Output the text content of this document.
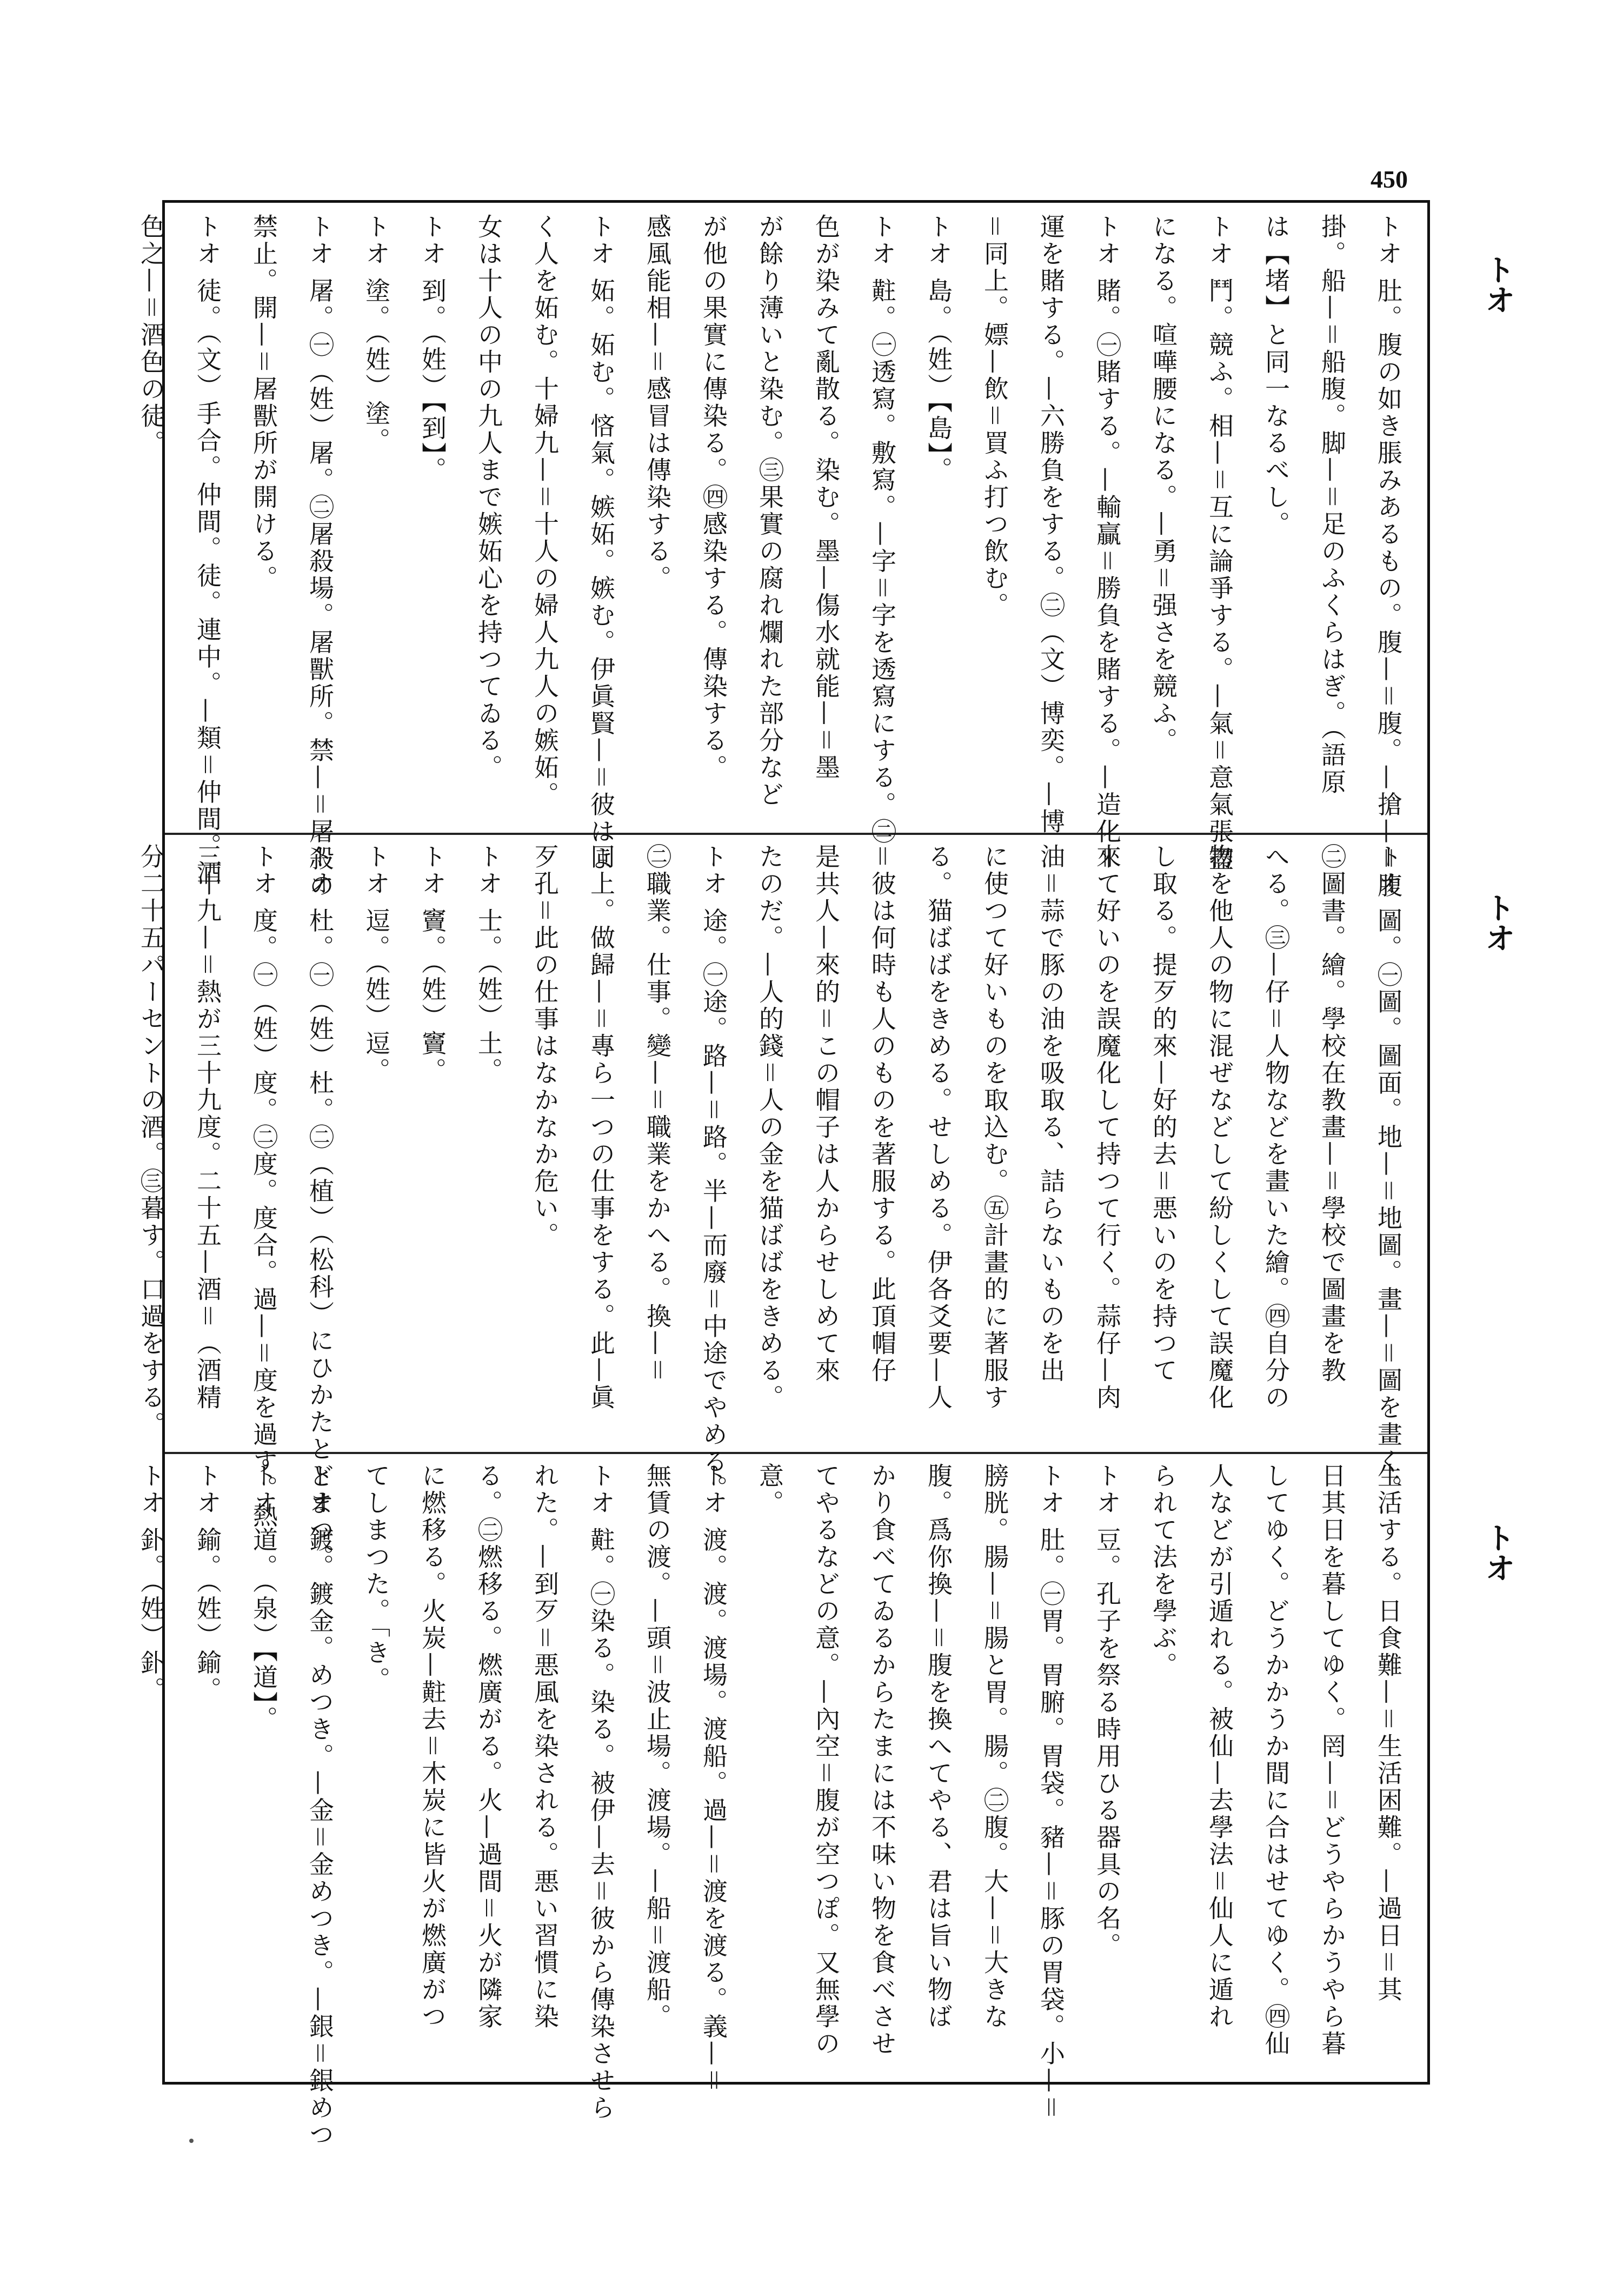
450
トオ
トオ
トオ
トオ 肚。腹の如き脹みあるもの。腹—＝腹。—搶—＝腹
掛。船—＝船腹。脚—＝足のふくらはぎ。（語原
は【堵】と同一なるべし。
トオ 鬥。競ふ。相—＝互に論爭する。—氣＝意氣張盡
になる。喧嘩腰になる。—勇＝强さを競ふ。
トオ 賭。㊀賭する。—輸贏＝勝負を賭する。—造化＝
運を賭する。—六勝負をする。㊁（文）博奕。—博
＝同上。嫖—飲＝買ふ打つ飲む。
トオ 島。（姓）【島】。
トオ 黈。㊀透寫。敷寫。—字＝字を透寫にする。㊁
色が染みて亂散る。染む。墨—傷水就能—＝墨
が餘り薄いと染む。㊂果實の腐れ爛れた部分など
が他の果實に傳染る。㊃感染する。傳染する。
感風能相—＝感冒は傳染する。
トオ 妬。妬む。悋氣。嫉妬。嫉む。伊眞賢—＝彼はよ
く人を妬む。十婦九—＝十人の婦人九人の嫉妬。
女は十人の中の九人まで嫉妬心を持つてゐる。
トオ 到。（姓）【到】。
トオ 塗。（姓）塗。
トオ 屠。㊀（姓）屠。㊁屠殺場。屠獸所。禁—＝屠殺の
禁止。開—＝屠獸所が開ける。
トオ 徒。（文）手合。仲間。徒。連中。—類＝仲間。酒
色之—＝酒色の徒。
トオ 圖。㊀圖。圖面。地—＝地圖。畫—＝圖を畫く。
㊁圖書。繪。學校在教畫—＝學校で圖畫を教
へる。㊂—仔＝人物などを畫いた繪。㊃自分の
物を他人の物に混ぜなどして紛しくして誤魔化
し取る。提歹的來—好的去＝悪いのを持つて
來て好いのを誤魔化して持つて行く。蒜仔—肉
油＝蒜で豚の油を吸取る、詰らないものを出
に使つて好いものを取込む。㊄計畫的に著服す
る。猫ばばをきめる。せしめる。伊各爻要—人
＝彼は何時も人のものを著服する。此頂帽仔
是共人—來的＝この帽子は人からせしめて來
たのだ。—人的錢＝人の金を猫ばばをきめる。
トオ 途。㊀途。路—＝路。半—而廢＝中途でやめる。
㊁職業。仕事。變—＝職業をかへる。換—＝
同上。做歸—＝專ら一つの仕事をする。此—眞
歹孔＝此の仕事はなかなか危い。
トオ 士。（姓）土。
トオ 竇。（姓）竇。
トオ 逗。（姓）逗。
トオ 杜。㊀（姓）杜。㊁（植）（松科）にひかたとどまつ。
トオ 度。㊀（姓）度。㊁度。度合。過—＝度を過す。熱
三十九—＝熱が三十九度。二十五—酒＝（酒精
分二十五パーセントの酒。㊂暮す。口過をする。
生活する。日食難—＝生活困難。—過日＝其
日其日を暮してゆく。罔—＝どうやらかうやら暮
してゆく。どうかかうか間に合はせてゆく。㊃仙
人などが引遁れる。被仙—去學法＝仙人に遁れ
られて法を學ぶ。
トオ 豆。孔子を祭る時用ひる器具の名。
トオ 肚。㊀胃。胃腑。胃袋。豬—＝豚の胃袋。小—＝
膀胱。腸—＝腸と胃。腸。㊁腹。大—＝大きな
腹。爲你換—＝腹を換へてやる、君は旨い物ば
かり食べてゐるからたまには不味い物を食べさせ
てやるなどの意。—內空＝腹が空つぽ。又無學の
意。
トオ 渡。渡。渡場。渡船。過—＝渡を渡る。義—＝
無賃の渡。—頭＝波止場。渡場。—船＝渡船。
トオ 黈。㊀染る。染る。被伊—去＝彼から傳染させら
れた。—到歹＝悪風を染される。悪い習慣に染
る。㊁燃移る。燃廣がる。火—過間＝火が隣家
に燃移る。火炭—黈去＝木炭に皆火が燃廣がつ
てしまつた。「き。
トオ 鍍。鍍金。めつき。—金＝金めつき。—銀＝銀めつ
トオ 道。（泉）【道】。
トオ 鍮。（姓）鍮。
トオ 釙。（姓）釙。
